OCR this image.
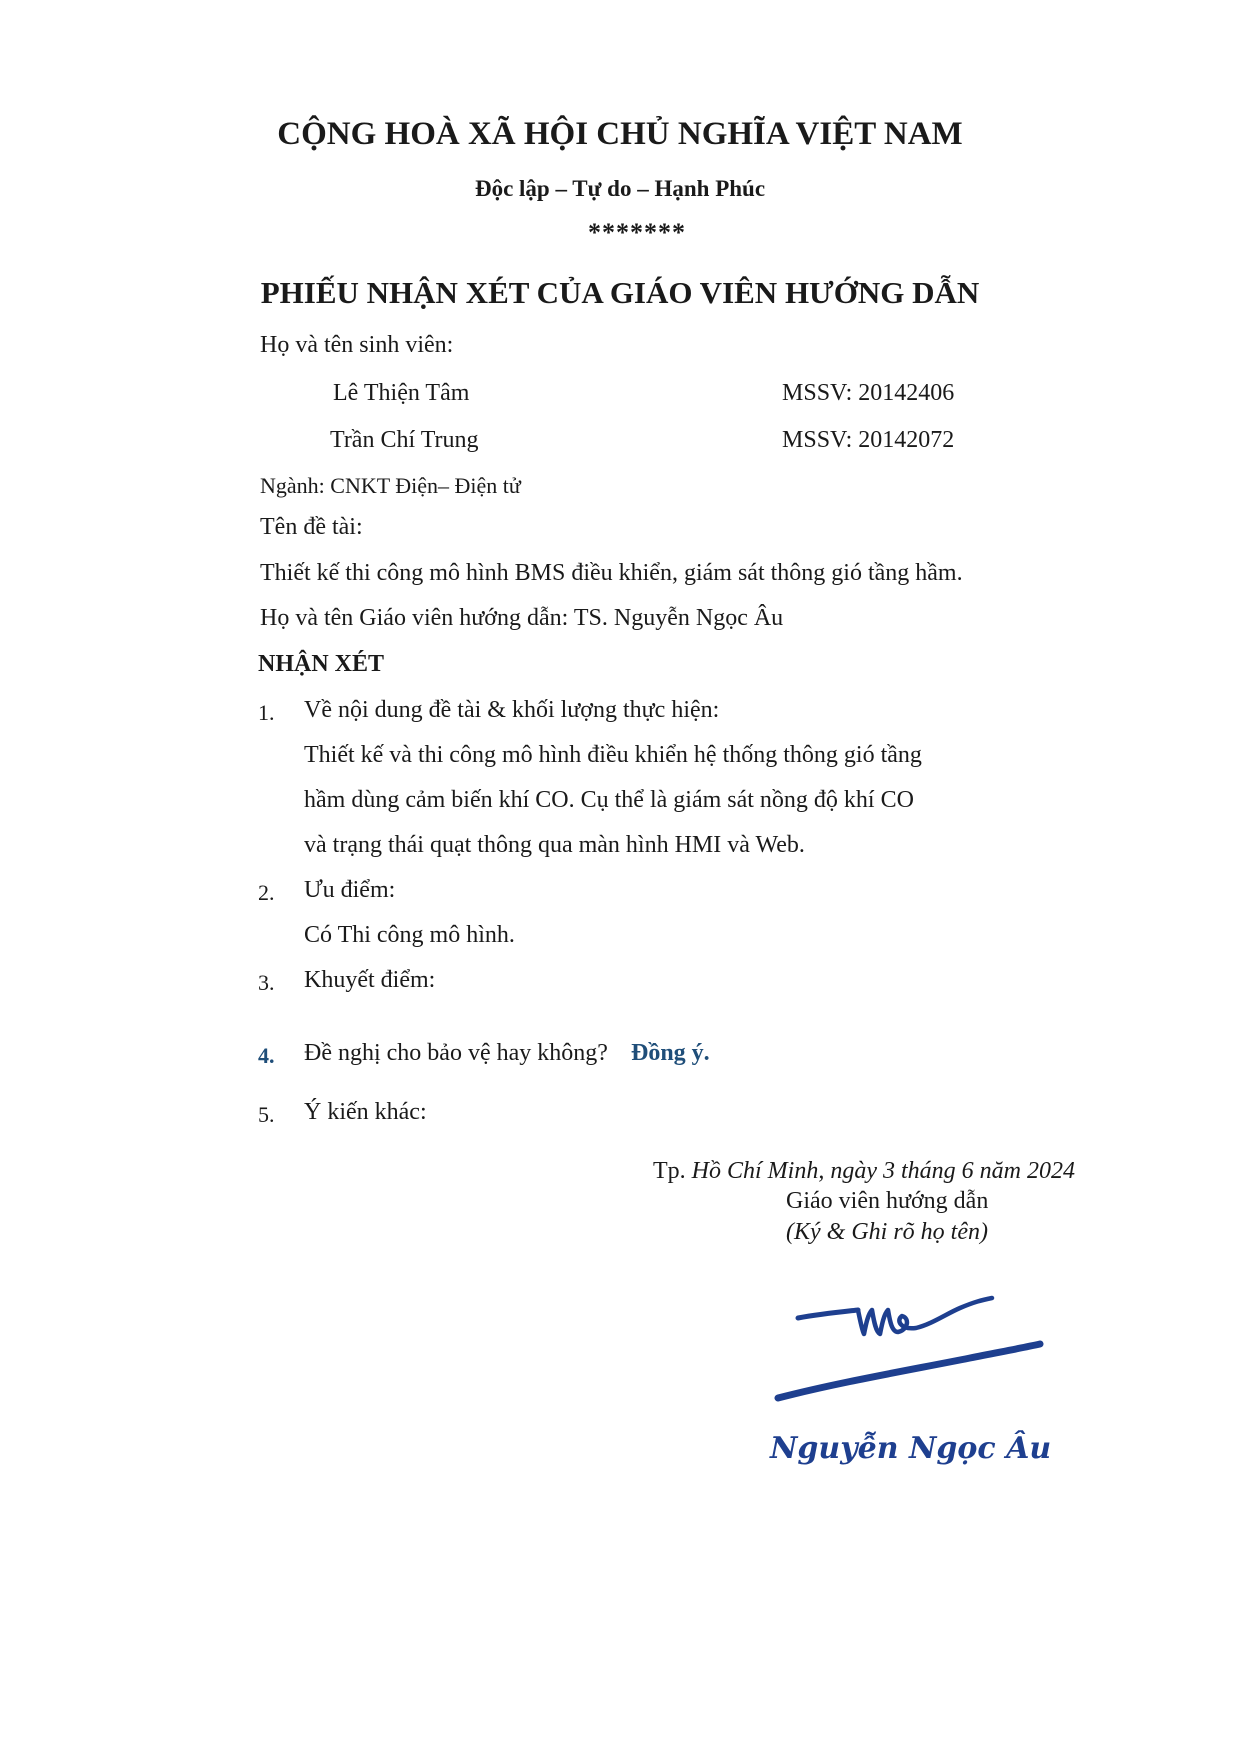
CỘNG HOÀ XÃ HỘI CHỦ NGHĨA VIỆT NAM
Độc lập – Tự do – Hạnh Phúc
*******
PHIẾU NHẬN XÉT CỦA GIÁO VIÊN HƯỚNG DẪN
Họ và tên sinh viên:
Lê Thiện Tâm	MSSV: 20142406
Trần Chí Trung	MSSV: 20142072
Ngành: CNKT Điện– Điện tử
Tên đề tài:
Thiết kế thi công mô hình BMS điều khiển, giám sát thông gió tầng hầm.
Họ và tên Giáo viên hướng dẫn: TS. Nguyễn Ngọc Âu
NHẬN XÉT
1. Về nội dung đề tài & khối lượng thực hiện:
Thiết kế và thi công mô hình điều khiển hệ thống thông gió tầng
hầm dùng cảm biến khí CO. Cụ thể là giám sát nồng độ khí CO
và trạng thái quạt thông qua màn hình HMI và Web.
2. Ưu điểm:
Có Thi công mô hình.
3. Khuyết điểm:
4. Đề nghị cho bảo vệ hay không? Đồng ý.
5. Ý kiến khác:
Tp. Hồ Chí Minh, ngày 3 tháng 6 năm 2024
Giáo viên hướng dẫn
(Ký & Ghi rõ họ tên)
Nguyễn Ngọc Âu
